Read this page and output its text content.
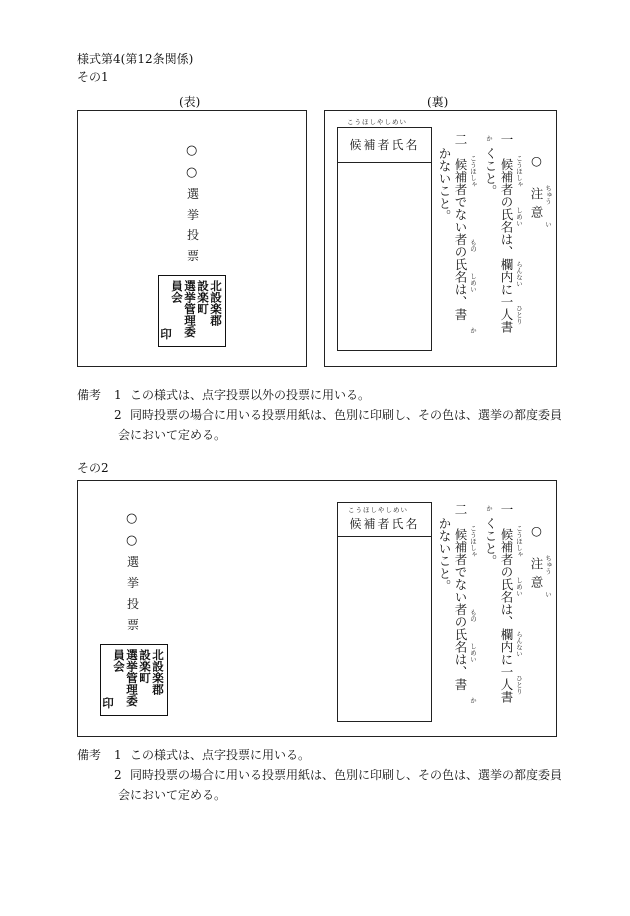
様式第4(第12条関係)
その1
(表)	(裏)
○
○
選
挙
投
票
北設楽郡
設楽町
選挙管理委
員会
印
こうほしやしめい
候補者氏名
○
注意 ちゅう
い
一　候補者の氏名は、欄内に一人書
くこと。	こうほしゃ
しめい
らんない
ひとり
か
二　候補者でない者の氏名は、書
かないこと。	こうほしゃ
もの
しめい
か
備考 1 この様式は、点字投票以外の投票に用いる。
2 同時投票の場合に用いる投票用紙は、色別に印刷し、その色は、選挙の都度委員
会において定める。
その2
○
○
選
挙
投
票
北設楽郡
設楽町
選挙管理委
員会
印
こうほしやしめい
候補者氏名	○
注意 ちゅう
い
一　候補者の氏名は、欄内に一人書
くこと。	こうほしゃ
しめい
らんない
ひとり
か
二　候補者でない者の氏名は、書
かないこと。	こうほしゃ
もの
しめい
か
備考 1 この様式は、点字投票に用いる。
2 同時投票の場合に用いる投票用紙は、色別に印刷し、その色は、選挙の都度委員
会において定める。
